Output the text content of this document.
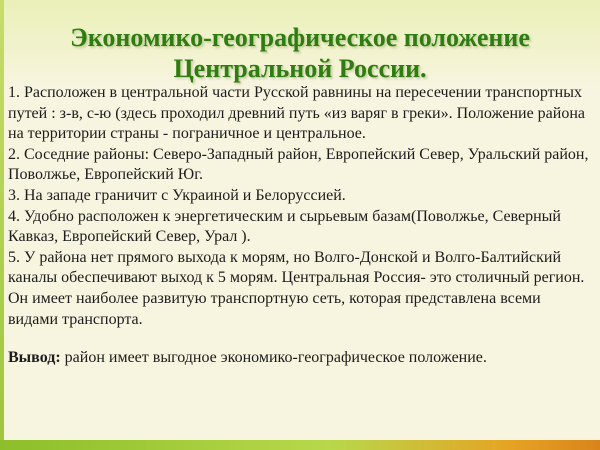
Экономико-географическое положение
Центральной России.

1. Расположен в центральной части Русской равнины на пересечении транспортных путей : з-в, с-ю (здесь проходил древний путь «из варяг в греки». Положение района на территории страны - пограничное и центральное.

2. Соседние районы: Северо-Западный район, Европейский Север, Уральский район, Поволжье, Европейский Юг.

3. На западе граничит с Украиной и Белоруссией.

4. Удобно расположен к энергетическим и сырьевым базам(Поволжье, Северный Кавказ, Европейский Север, Урал ).

5. У района нет прямого выхода к морям, но Волго-Донской и Волго-Балтийский каналы обеспечивают выход к 5 морям. Центральная Россия- это столичный регион. Он имеет наиболее развитую транспортную сеть, которая представлена всеми видами транспорта.

Вывод: район имеет выгодное экономико-географическое положение.
